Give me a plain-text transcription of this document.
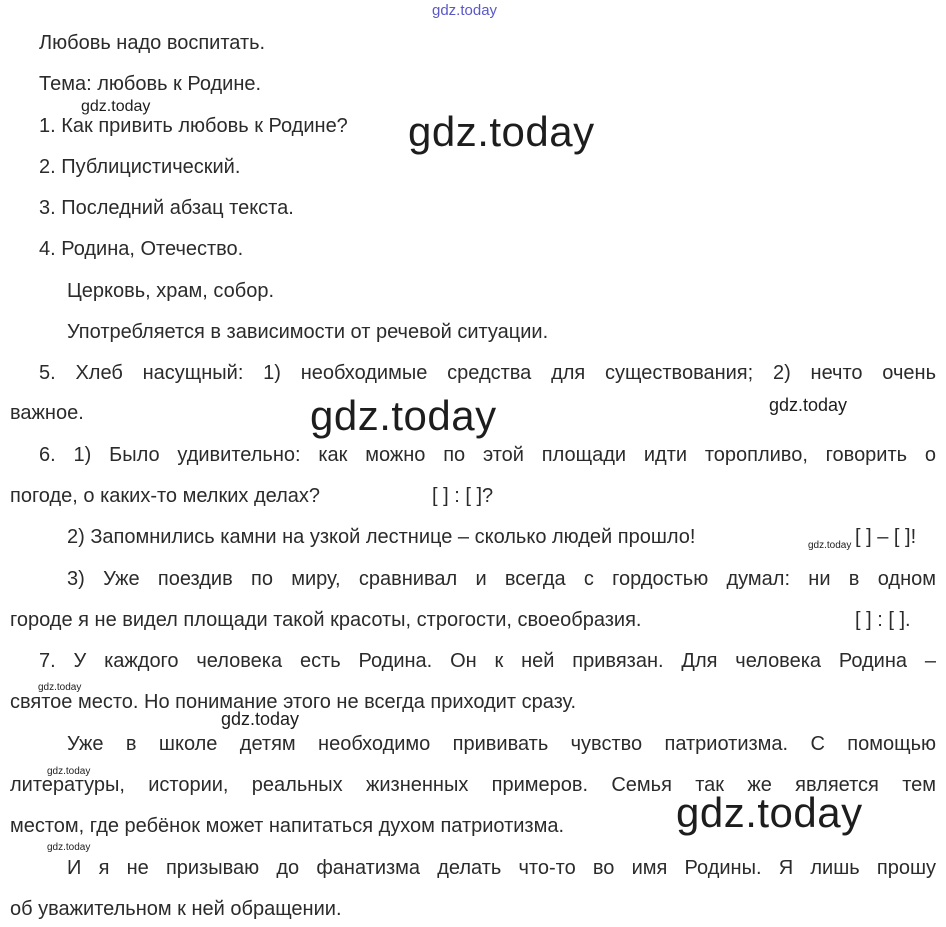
Любовь надо воспитать.
Тема: любовь к Родине.
1. Как привить любовь к Родине?
2. Публицистический.
3. Последний абзац текста.
4. Родина, Отечество.
Церковь, храм, собор.
Употребляется в зависимости от речевой ситуации.
5. Хлеб насущный: 1) необходимые средства для существования; 2) нечто очень
важное.
6. 1) Было удивительно: как можно по этой площади идти торопливо, говорить о
погоде, о каких-то мелких делах?	[ ] : [ ]?
2) Запомнились камни на узкой лестнице – сколько людей прошло!	[ ] – [ ]!
3) Уже поездив по миру, сравнивал и всегда с гордостью думал: ни в одном
городе я не видел площади такой красоты, строгости, своеобразия.	[ ] : [ ].
7. У каждого человека есть Родина. Он к ней привязан. Для человека Родина –
святое место. Но понимание этого не всегда приходит сразу.
Уже в школе детям необходимо прививать чувство патриотизма. С помощью
литературы, истории, реальных жизненных примеров. Семья так же является тем
местом, где ребёнок может напитаться духом патриотизма.
И я не призываю до фанатизма делать что-то во имя Родины. Я лишь прошу
об уважительном к ней обращении.
gdz.today
gdz.today
gdz.today
gdz.today	gdz.today
gdz.today
gdz.today
gdz.today
gdz.today
gdz.today
gdz.today
